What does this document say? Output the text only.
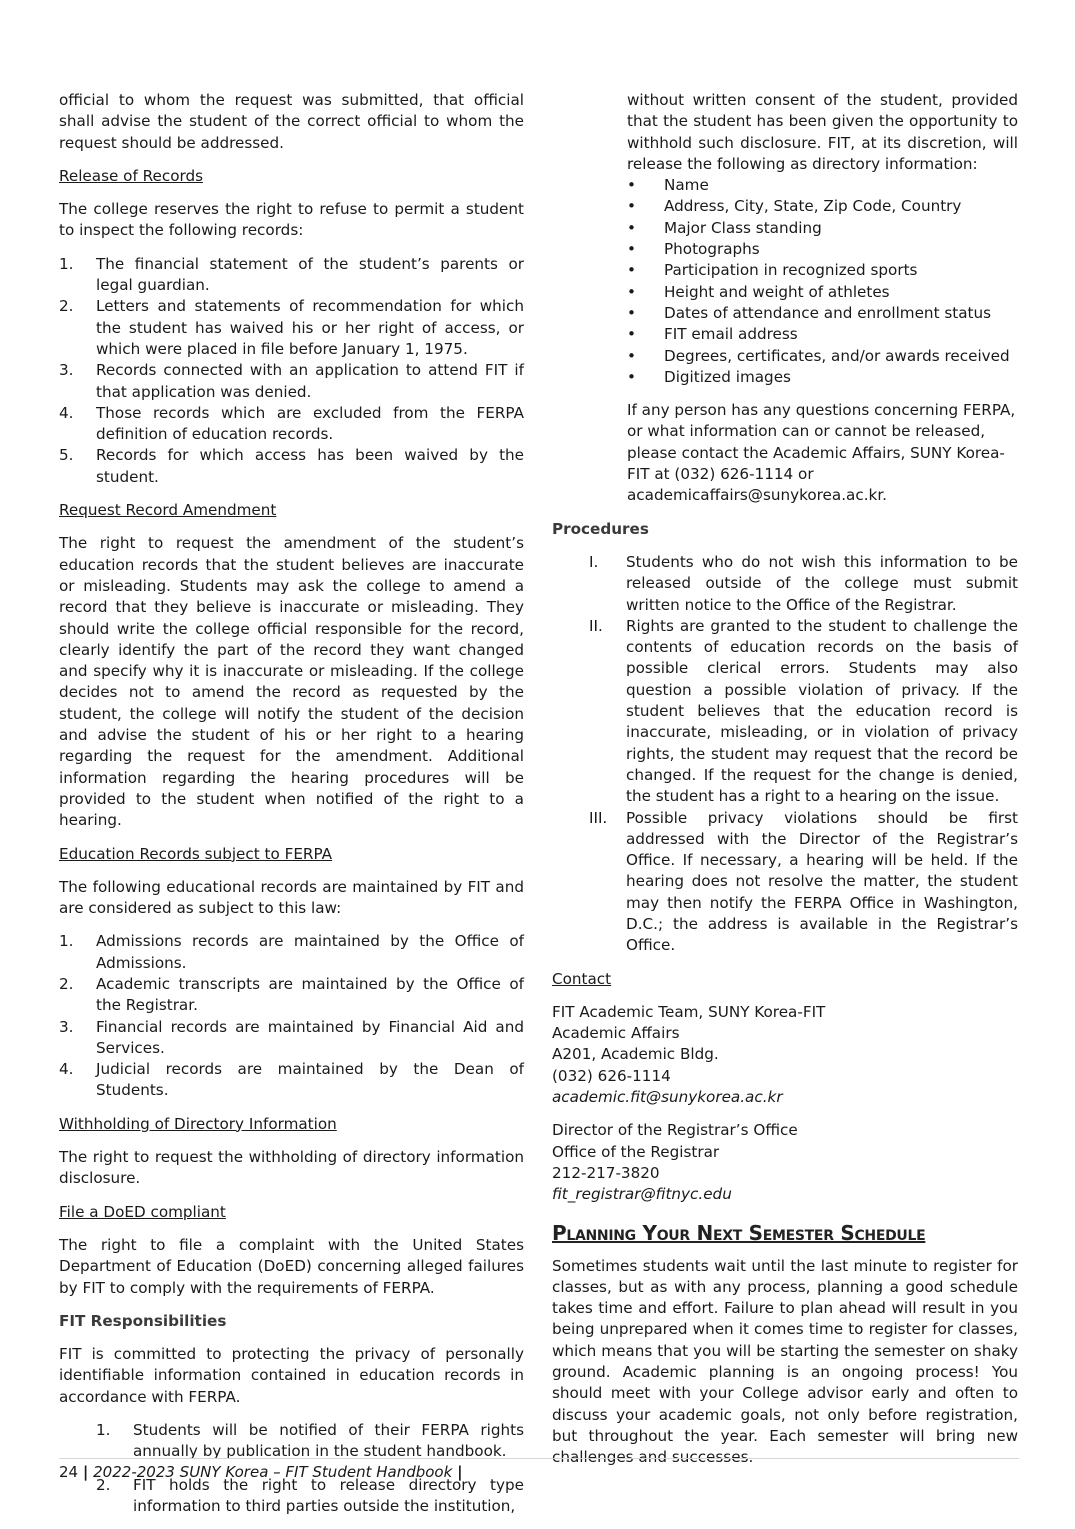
official to whom the request was submitted, that official shall advise the student of the correct official to whom the request should be addressed.

Release of Records

The college reserves the right to refuse to permit a student to inspect the following records:

1. The financial statement of the student’s parents or legal guardian.
2. Letters and statements of recommendation for which the student has waived his or her right of access, or which were placed in file before January 1, 1975.
3. Records connected with an application to attend FIT if that application was denied.
4. Those records which are excluded from the FERPA definition of education records.
5. Records for which access has been waived by the student.
Request Record Amendment

The right to request the amendment of the student’s education records that the student believes are inaccurate or misleading. Students may ask the college to amend a record that they believe is inaccurate or misleading. They should write the college official responsible for the record, clearly identify the part of the record they want changed and specify why it is inaccurate or misleading. If the college decides not to amend the record as requested by the student, the college will notify the student of the decision and advise the student of his or her right to a hearing regarding the request for the amendment. Additional information regarding the hearing procedures will be provided to the student when notified of the right to a hearing.

Education Records subject to FERPA

The following educational records are maintained by FIT and are considered as subject to this law:

1. Admissions records are maintained by the Office of Admissions.
2. Academic transcripts are maintained by the Office of the Registrar.
3. Financial records are maintained by Financial Aid and Services.
4. Judicial records are maintained by the Dean of Students.
Withholding of Directory Information

The right to request the withholding of directory information disclosure.

File a DoED compliant

The right to file a complaint with the United States Department of Education (DoED) concerning alleged failures by FIT to comply with the requirements of FERPA.

FIT Responsibilities

FIT is committed to protecting the privacy of personally identifiable information contained in education records in accordance with FERPA.

1. Students will be notified of their FERPA rights annually by publication in the student handbook.
2. FIT holds the right to release directory type information to third parties outside the institution,

without written consent of the student, provided that the student has been given the opportunity to withhold such disclosure. FIT, at its discretion, will release the following as directory information:

• Name
• Address, City, State, Zip Code, Country
• Major Class standing
• Photographs
• Participation in recognized sports
• Height and weight of athletes
• Dates of attendance and enrollment status
• FIT email address
• Degrees, certificates, and/or awards received
• Digitized images

If any person has any questions concerning FERPA, or what information can or cannot be released, please contact the Academic Affairs, SUNY Korea-FIT at (032) 626-1114 or academicaffairs@sunykorea.ac.kr.

Procedures
I. Students who do not wish this information to be released outside of the college must submit written notice to the Office of the Registrar.
II. Rights are granted to the student to challenge the contents of education records on the basis of possible clerical errors. Students may also question a possible violation of privacy. If the student believes that the education record is inaccurate, misleading, or in violation of privacy rights, the student may request that the record be changed. If the request for the change is denied, the student has a right to a hearing on the issue.
III. Possible privacy violations should be first addressed with the Director of the Registrar’s Office. If necessary, a hearing will be held. If the hearing does not resolve the matter, the student may then notify the FERPA Office in Washington, D.C.; the address is available in the Registrar’s Office.
Contact

FIT Academic Team, SUNY Korea-FIT
Academic Affairs
A201, Academic Bldg.
(032) 626-1114
academic.fit@sunykorea.ac.kr

Director of the Registrar’s Office
Office of the Registrar
212-217-3820
fit_registrar@fitnyc.edu

Planning Your Next Semester Schedule

Sometimes students wait until the last minute to register for classes, but as with any process, planning a good schedule takes time and effort. Failure to plan ahead will result in you being unprepared when it comes time to register for classes, which means that you will be starting the semester on shaky ground. Academic planning is an ongoing process! You should meet with your College advisor early and often to discuss your academic goals, not only before registration, but throughout the year. Each semester will bring new challenges and successes.

24 | 2022-2023 SUNY Korea – FIT Student Handbook |
